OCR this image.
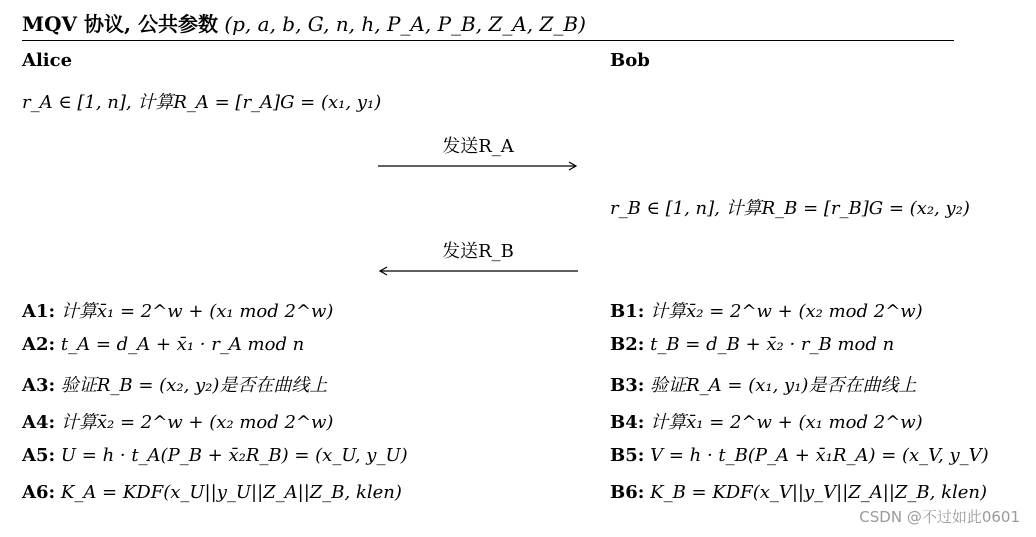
MQV 协议, 公共参数 (p, a, b, G, n, h, P_A, P_B, Z_A, Z_B)
Alice	Bob
r_A ∈ [1, n], 计算R_A = [r_A]G = (x₁, y₁)
发送R_A
r_B ∈ [1, n], 计算R_B = [r_B]G = (x₂, y₂)
发送R_B
A1: 计算x̄₁ = 2^w + (x₁ mod 2^w)
A2: t_A = d_A + x̄₁ · r_A mod n
A3: 验证R_B = (x₂, y₂)是否在曲线上
A4: 计算x̄₂ = 2^w + (x₂ mod 2^w)
A5: U = h · t_A(P_B + x̄₂R_B) = (x_U, y_U)
A6: K_A = KDF(x_U||y_U||Z_A||Z_B, klen)
B1: 计算x̄₂ = 2^w + (x₂ mod 2^w)
B2: t_B = d_B + x̄₂ · r_B mod n
B3: 验证R_A = (x₁, y₁)是否在曲线上
B4: 计算x̄₁ = 2^w + (x₁ mod 2^w)
B5: V = h · t_B(P_A + x̄₁R_A) = (x_V, y_V)
B6: K_B = KDF(x_V||y_V||Z_A||Z_B, klen)
CSDN @不过如此0601
